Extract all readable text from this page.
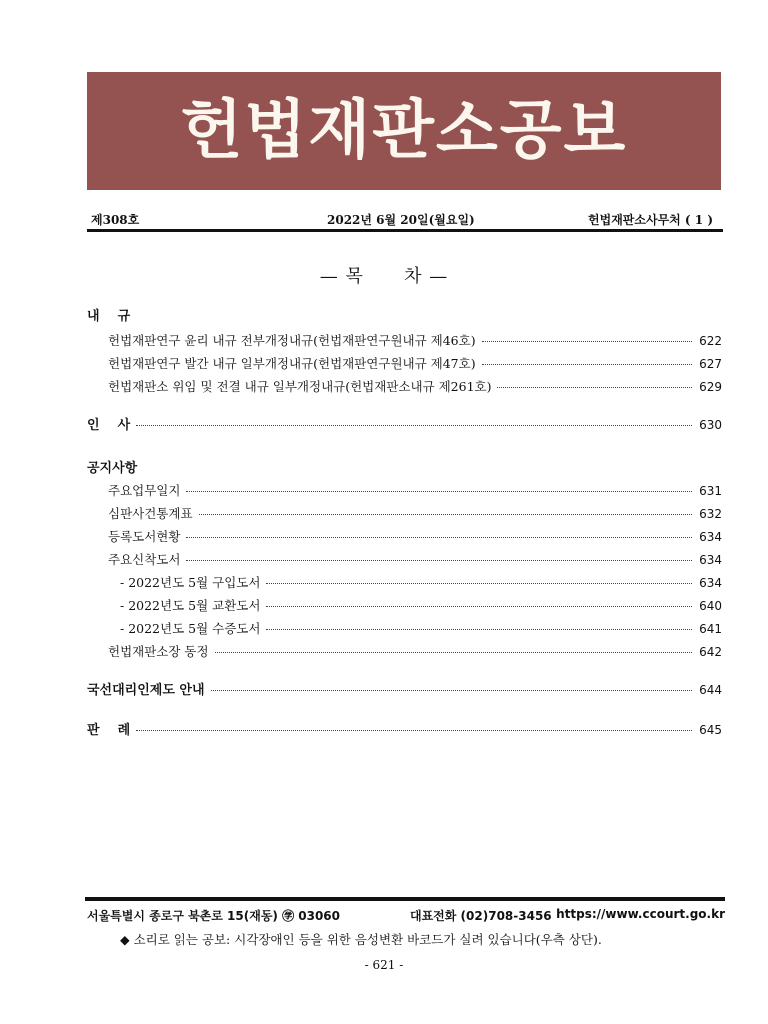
헌법재판소공보
제308호	2022년 6월 20일(월요일)	헌법재판소사무처 ( 1 )
— 목      차 —
내    규
헌법재판연구 윤리 내규 전부개정내규(헌법재판연구원내규 제46호)	622
헌법재판연구 발간 내규 일부개정내규(헌법재판연구원내규 제47호)	627
헌법재판소 위임 및 전결 내규 일부개정내규(헌법재판소내규 제261호)	629
인    사	630
공지사항
주요업무일지	631
심판사건통계표	632
등록도서현황	634
주요신착도서	634
- 2022년도 5월 구입도서	634
- 2022년도 5월 교환도서	640
- 2022년도 5월 수증도서	641
헌법재판소장 동정	642
국선대리인제도 안내	644
판    례	645
서울특별시 종로구 북촌로 15(재동) ㊫ 03060	대표전화 (02)708-3456 https://www.ccourt.go.kr
◆ 소리로 읽는 공보: 시각장애인 등을 위한 음성변환 바코드가 실려 있습니다(우측 상단).
- 621 -
